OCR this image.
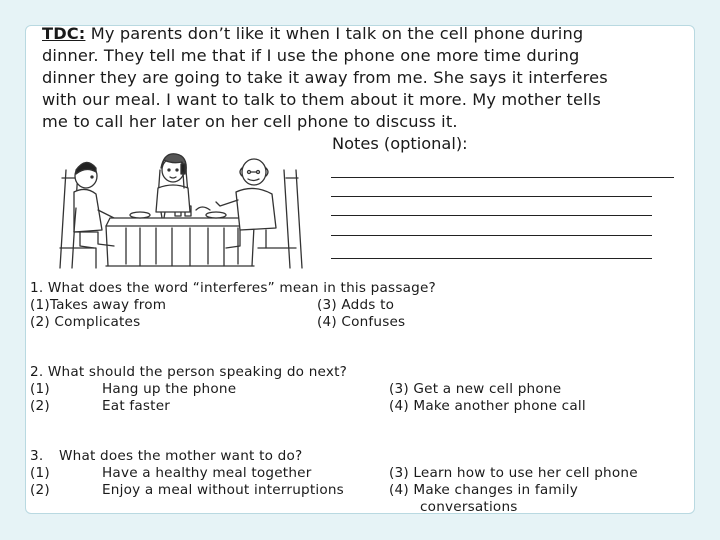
TDC: My parents don’t like it when I talk on the cell phone during
dinner. They tell me that if I use the phone one more time during
dinner they are going to take it away from me. She says it interferes
with our meal. I want to talk to them about it more. My mother tells
me to call her later on her cell phone to discuss it.
Notes (optional):
1. What does the word “interferes” mean in this passage?
(1)Takes away from
(2) Complicates
(3) Adds to
(4) Confuses
2. What should the person speaking do next?
(1)	Hang up the phone
(2)	Eat faster
(3) Get a new cell phone
(4) Make another phone call
3. What does the mother want to do?
(1)	Have a healthy meal together
(2)	Enjoy a meal without interruptions
(3) Learn how to use her cell phone
(4) Make changes in family
conversations
